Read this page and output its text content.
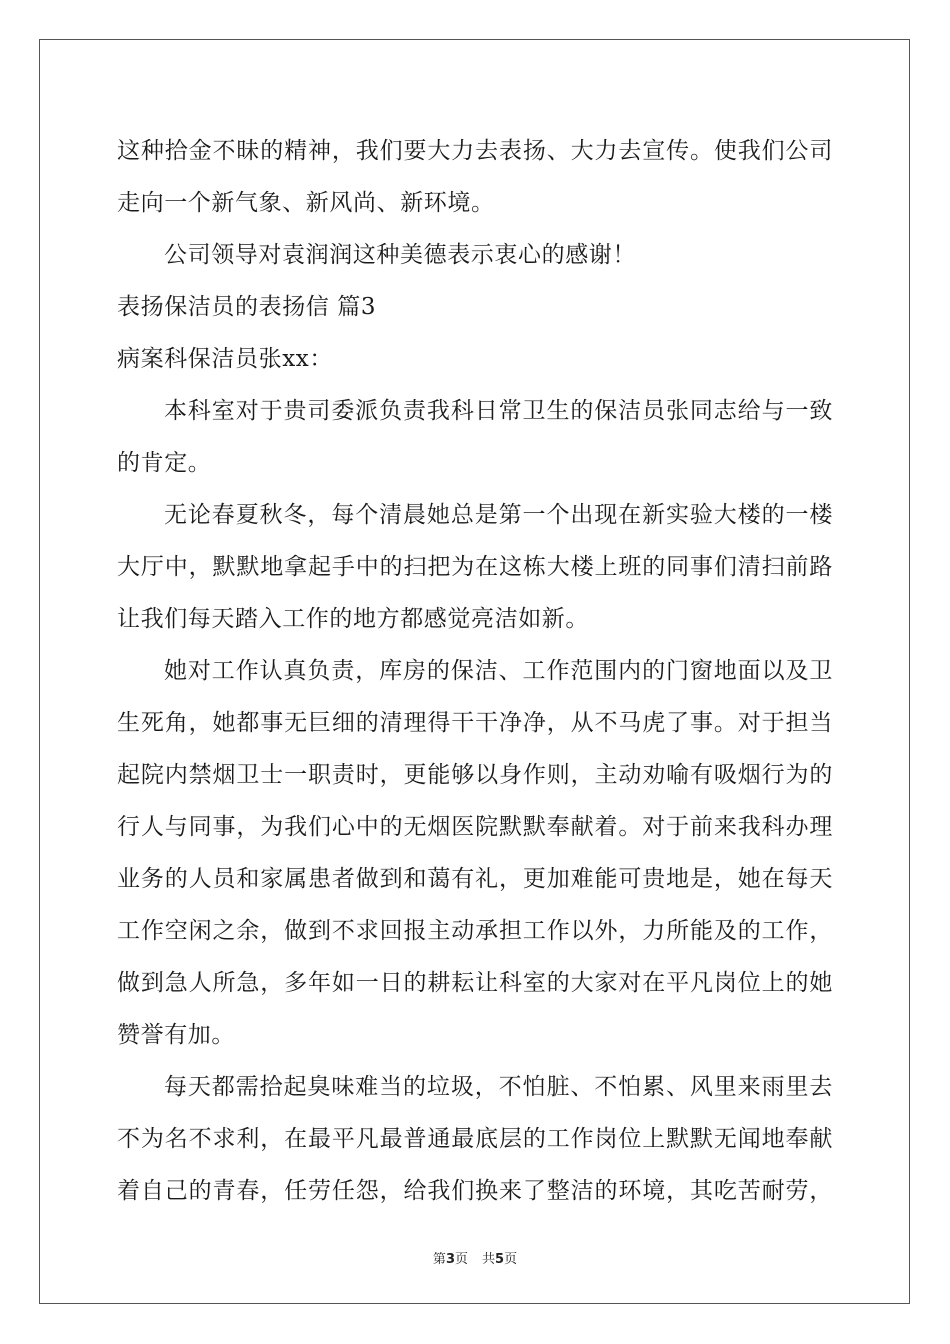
这种拾金不昧的精神，我们要大力去表扬、大力去宣传。使我们公司
走向一个新气象、新风尚、新环境。
公司领导对袁润润这种美德表示衷心的感谢！
表扬保洁员的表扬信 篇3
病案科保洁员张xx：
本科室对于贵司委派负责我科日常卫生的保洁员张同志给与一致
的肯定。
无论春夏秋冬，每个清晨她总是第一个出现在新实验大楼的一楼
大厅中，默默地拿起手中的扫把为在这栋大楼上班的同事们清扫前路
让我们每天踏入工作的地方都感觉亮洁如新。
她对工作认真负责，库房的保洁、工作范围内的门窗地面以及卫
生死角，她都事无巨细的清理得干干净净，从不马虎了事。对于担当
起院内禁烟卫士一职责时，更能够以身作则，主动劝喻有吸烟行为的
行人与同事，为我们心中的无烟医院默默奉献着。对于前来我科办理
业务的人员和家属患者做到和蔼有礼，更加难能可贵地是，她在每天
工作空闲之余，做到不求回报主动承担工作以外，力所能及的工作，
做到急人所急，多年如一日的耕耘让科室的大家对在平凡岗位上的她
赞誉有加。
每天都需拾起臭味难当的垃圾，不怕脏、不怕累、风里来雨里去
不为名不求利，在最平凡最普通最底层的工作岗位上默默无闻地奉献
着自己的青春，任劳任怨，给我们换来了整洁的环境，其吃苦耐劳，
第3页 共5页
